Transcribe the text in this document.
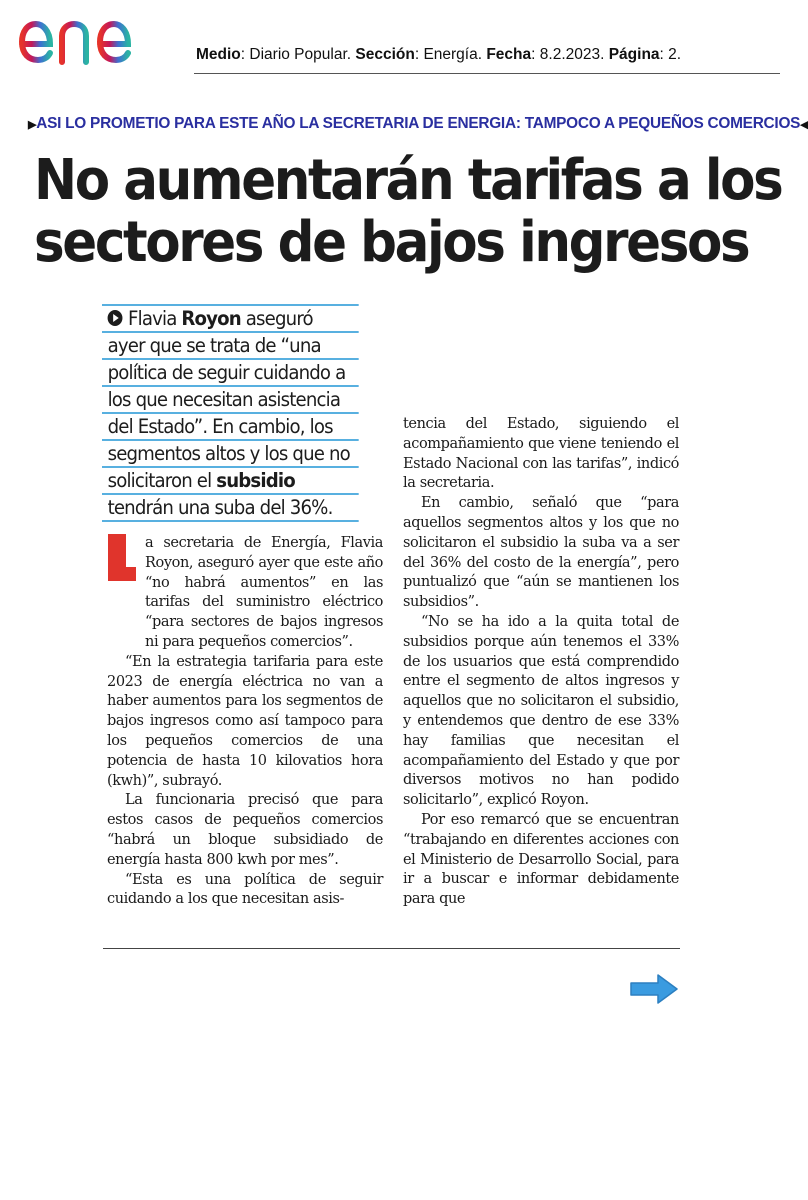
Medio: Diario Popular. Sección: Energía. Fecha: 8.2.2023. Página: 2.
▶ASI LO PROMETIO PARA ESTE AÑO LA SECRETARIA DE ENERGIA: TAMPOCO A PEQUEÑOS COMERCIOS◀
No aumentarán tarifas a los
sectores de bajos ingresos
Flavia Royon aseguró
ayer que se trata de “una
política de seguir cuidando a
los que necesitan asistencia
del Estado”. En cambio, los
segmentos altos y los que no
solicitaron el subsidio
tendrán una suba del 36%.

a secretaria de Energía, Flavia Royon, aseguró ayer que este año “no habrá aumentos” en las tarifas del suministro eléctrico “para sectores de bajos ingresos ni para pequeños comercios”.

“En la estrategia tarifaria para este 2023 de energía eléctrica no van a haber aumentos para los segmentos de bajos ingresos como así tampoco para los pequeños comercios de una potencia de hasta 10 kilovatios hora (kwh)”, subrayó.

La funcionaria precisó que para estos casos de pequeños comercios “habrá un bloque subsidiado de energía hasta 800 kwh por mes”.

“Esta es una política de seguir cuidando a los que necesitan asis-

tencia del Estado, siguiendo el acompañamiento que viene teniendo el Estado Nacional con las tarifas”, indicó la secretaria.

En cambio, señaló que “para aquellos segmentos altos y los que no solicitaron el subsidio la suba va a ser del 36% del costo de la energía”, pero puntualizó que “aún se mantienen los subsidios”.

“No se ha ido a la quita total de subsidios porque aún tenemos el 33% de los usuarios que está comprendido entre el segmento de altos ingresos y aquellos que no solicitaron el subsidio, y entendemos que dentro de ese 33% hay familias que necesitan el acompañamiento del Estado y que por diversos motivos no han podido solicitarlo”, explicó Royon.

Por eso remarcó que se encuentran “trabajando en diferentes acciones con el Ministerio de Desarrollo Social, para ir a buscar e informar debidamente para que
